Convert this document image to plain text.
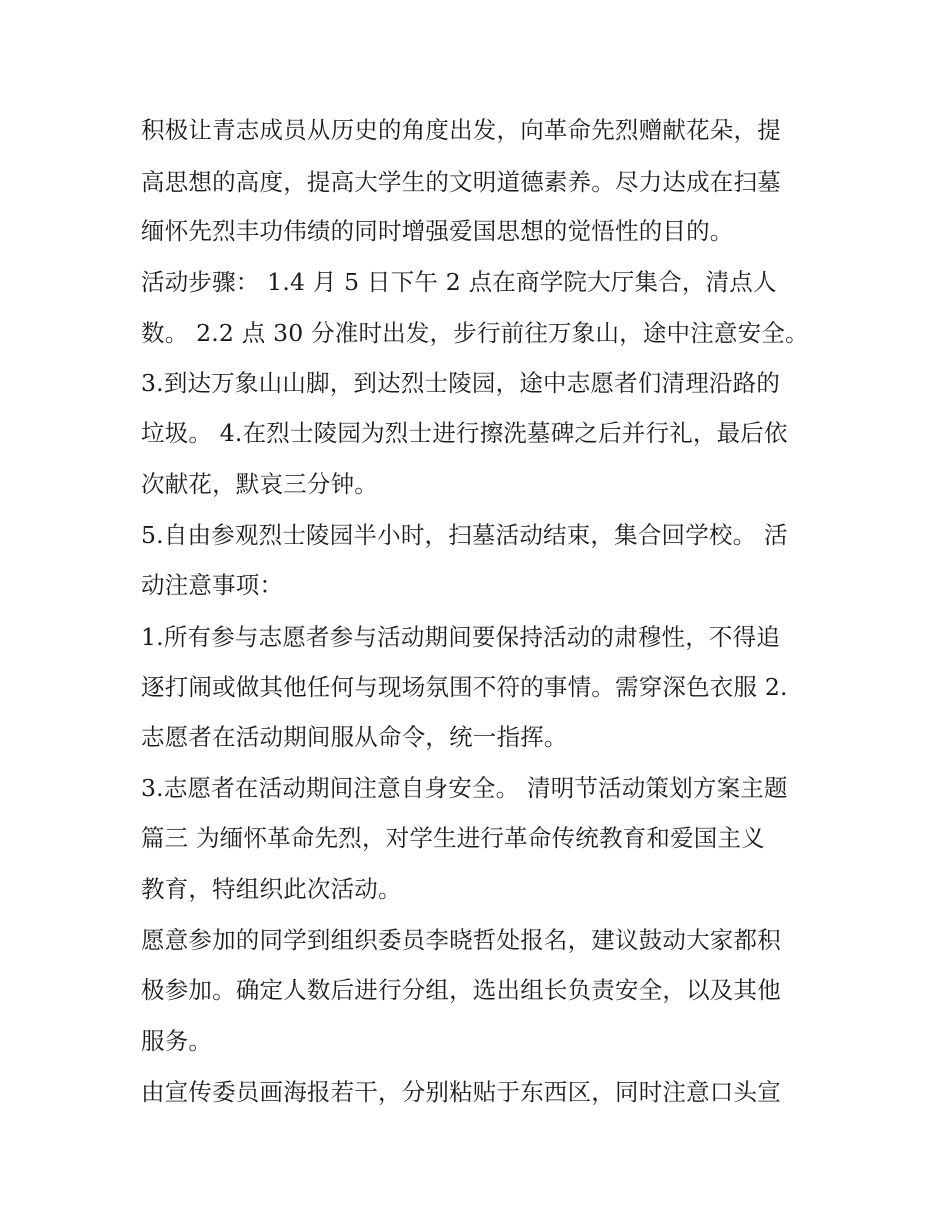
积极让青志成员从历史的角度出发，向革命先烈赠献花朵，提
高思想的高度，提高大学生的文明道德素养。尽力达成在扫墓
缅怀先烈丰功伟绩的同时增强爱国思想的觉悟性的目的。
活动步骤： 1.4 月 5 日下午 2 点在商学院大厅集合，清点人
数。 2.2 点 30 分准时出发，步行前往万象山，途中注意安全。
3.到达万象山山脚，到达烈士陵园，途中志愿者们清理沿路的
垃圾。 4.在烈士陵园为烈士进行擦洗墓碑之后并行礼，最后依
次献花，默哀三分钟。
5.自由参观烈士陵园半小时，扫墓活动结束，集合回学校。 活
动注意事项：
1.所有参与志愿者参与活动期间要保持活动的肃穆性，不得追
逐打闹或做其他任何与现场氛围不符的事情。需穿深色衣服 2.
志愿者在活动期间服从命令，统一指挥。
3.志愿者在活动期间注意自身安全。 清明节活动策划方案主题
篇三 为缅怀革命先烈，对学生进行革命传统教育和爱国主义
教育，特组织此次活动。
愿意参加的同学到组织委员李晓哲处报名，建议鼓动大家都积
极参加。确定人数后进行分组，选出组长负责安全，以及其他
服务。
由宣传委员画海报若干，分别粘贴于东西区，同时注意口头宣
